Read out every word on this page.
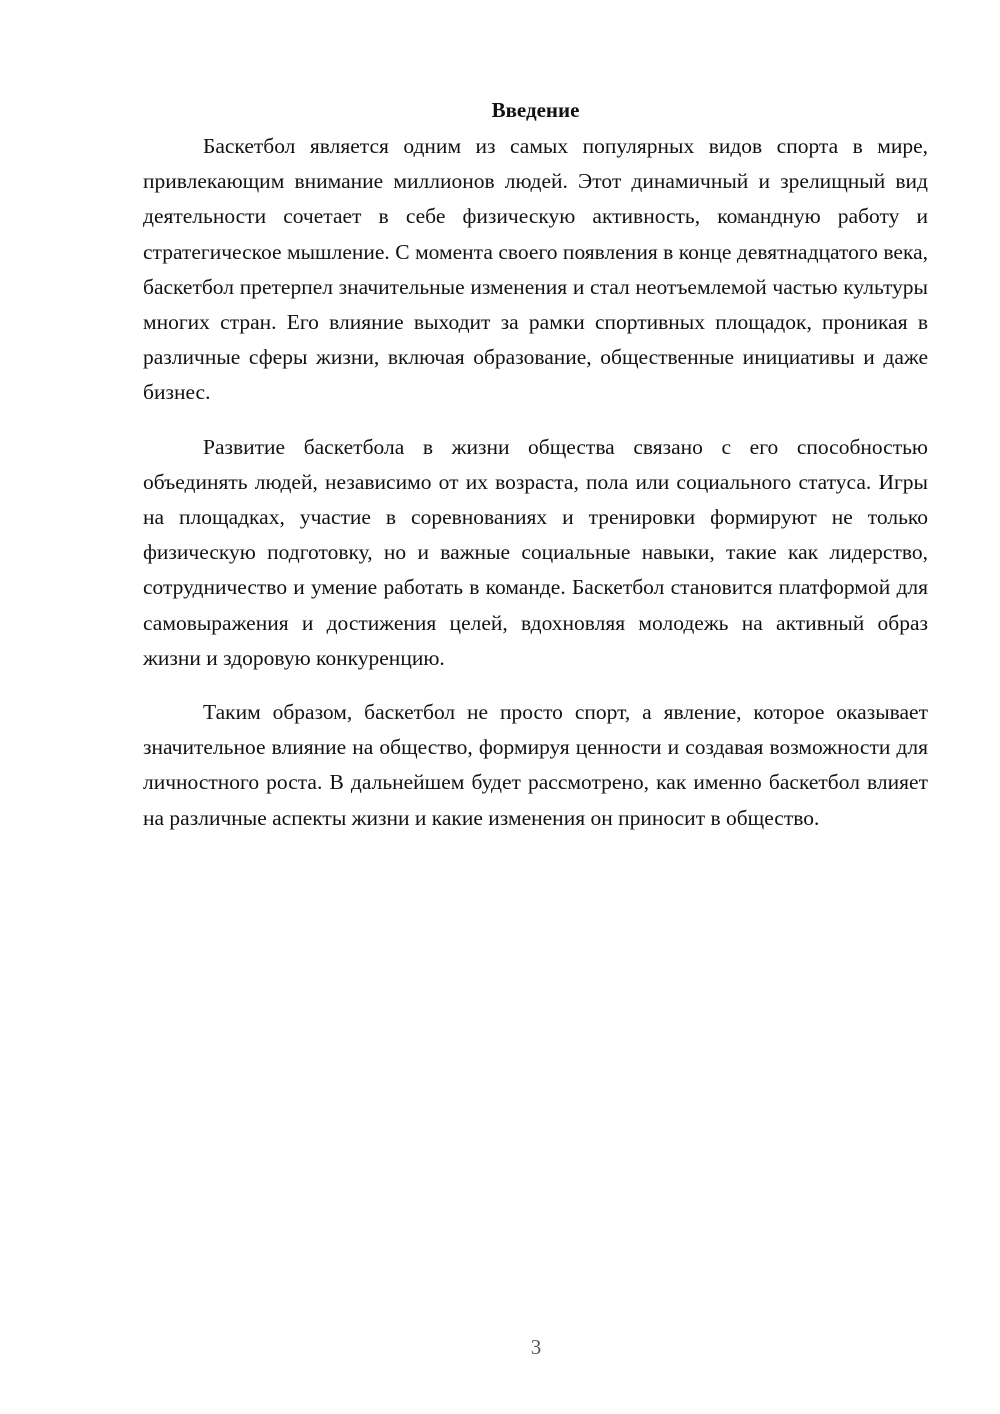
Введение

Баскетбол является одним из самых популярных видов спорта в мире, привлекающим внимание миллионов людей. Этот динамичный и зрелищный вид деятельности сочетает в себе физическую активность, командную работу и стратегическое мышление. С момента своего появления в конце девятнадцатого века, баскетбол претерпел значительные изменения и стал неотъемлемой частью культуры многих стран. Его влияние выходит за рамки спортивных площадок, проникая в различные сферы жизни, включая образование, общественные инициативы и даже бизнес.

Развитие баскетбола в жизни общества связано с его способностью объединять людей, независимо от их возраста, пола или социального статуса. Игры на площадках, участие в соревнованиях и тренировки формируют не только физическую подготовку, но и важные социальные навыки, такие как лидерство, сотрудничество и умение работать в команде. Баскетбол становится платформой для самовыражения и достижения целей, вдохновляя молодежь на активный образ жизни и здоровую конкуренцию.

Таким образом, баскетбол не просто спорт, а явление, которое оказывает значительное влияние на общество, формируя ценности и создавая возможности для личностного роста. В дальнейшем будет рассмотрено, как именно баскетбол влияет на различные аспекты жизни и какие изменения он приносит в общество.

3
